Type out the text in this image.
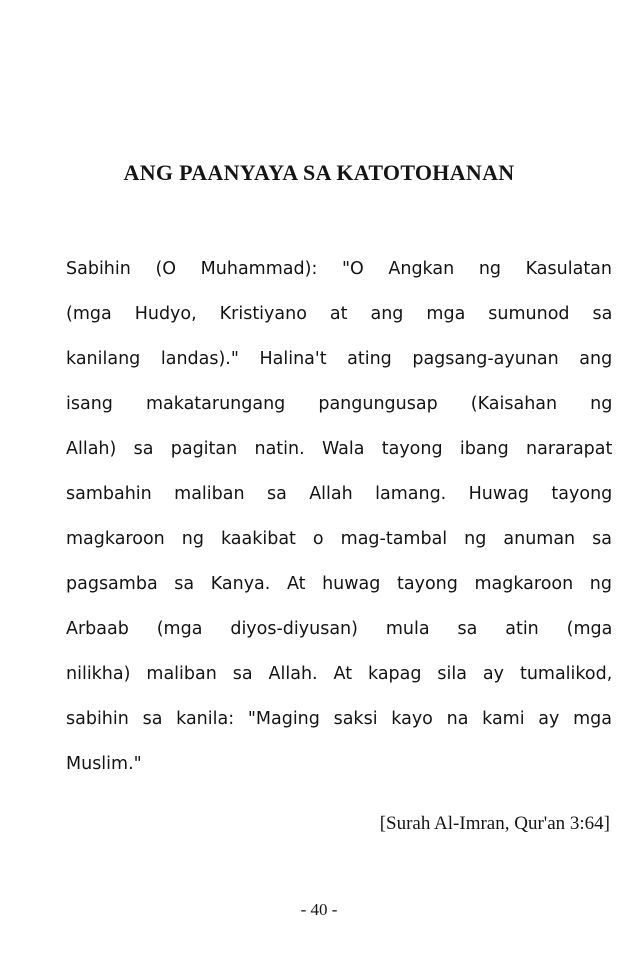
ANG PAANYAYA SA KATOTOHANAN
Sabihin (O Muhammad): "O Angkan ng Kasulatan
(mga Hudyo, Kristiyano at ang mga sumunod sa
kanilang landas)." Halina't ating pagsang-ayunan ang
isang makatarungang pangungusap (Kaisahan ng
Allah) sa pagitan natin. Wala tayong ibang nararapat
sambahin maliban sa Allah lamang. Huwag tayong
magkaroon ng kaakibat o mag-tambal ng anuman sa
pagsamba sa Kanya. At huwag tayong magkaroon ng
Arbaab (mga diyos-diyusan) mula sa atin (mga
nilikha) maliban sa Allah. At kapag sila ay tumalikod,
sabihin sa kanila: "Maging saksi kayo na kami ay mga
Muslim."
[Surah Al-Imran, Qur'an 3:64]
- 40 -
